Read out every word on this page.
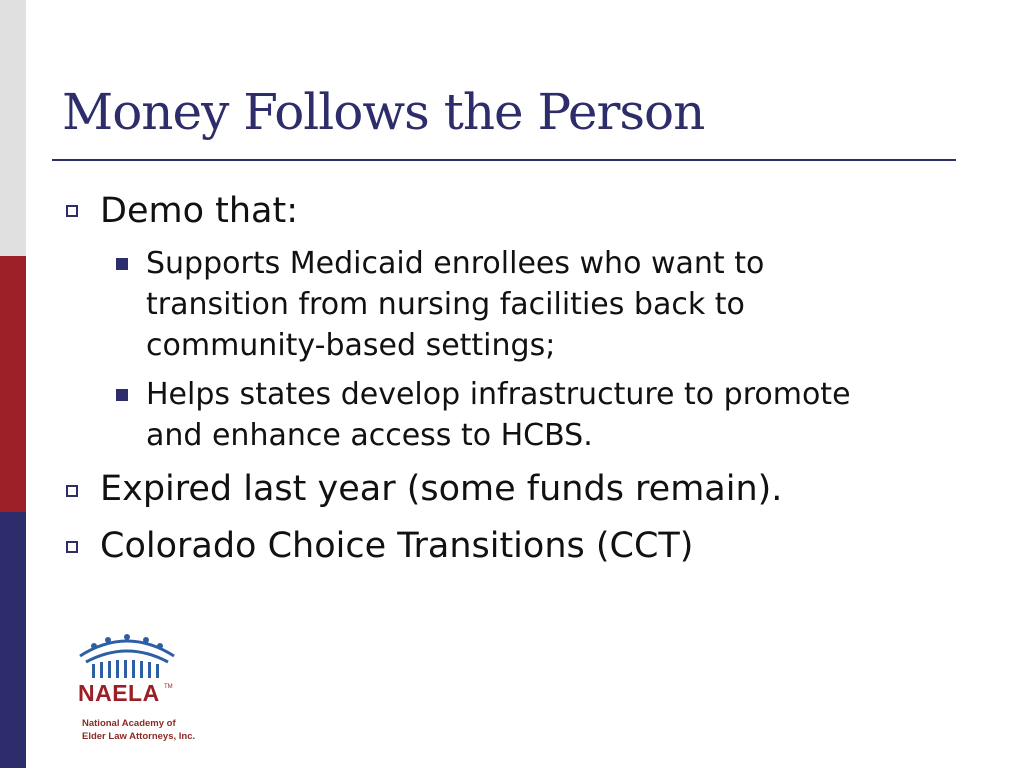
Money Follows the Person
Demo that:
Supports Medicaid enrollees who want to
transition from nursing facilities back to
community-based settings;
Helps states develop infrastructure to promote
and enhance access to HCBS.
Expired last year (some funds remain).
Colorado Choice Transitions (CCT)
NAELA TM
National Academy of
Elder Law Attorneys, Inc.
